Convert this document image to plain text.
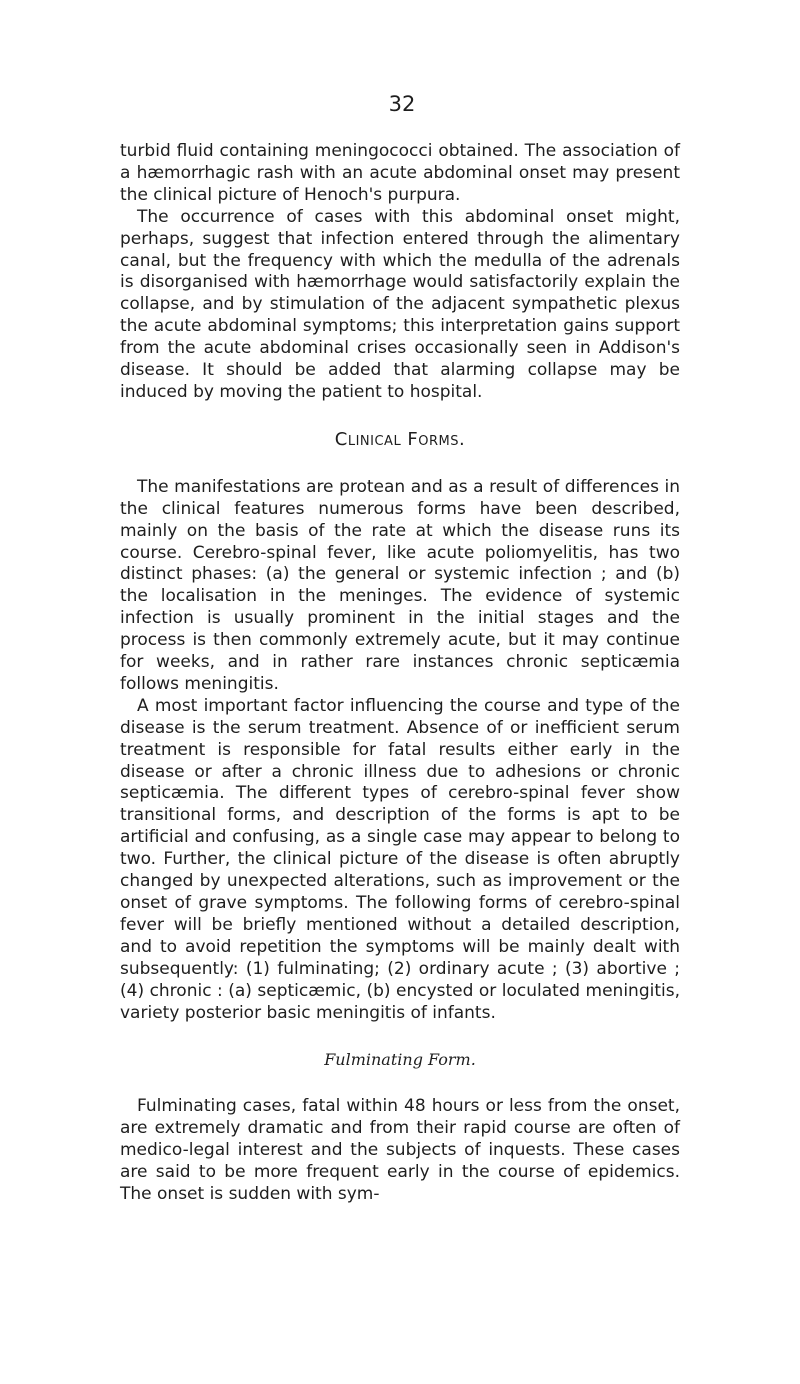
32

turbid fluid containing meningococci obtained. The association of a hæmorrhagic rash with an acute abdominal onset may present the clinical picture of Henoch's purpura.

The occurrence of cases with this abdominal onset might, perhaps, suggest that infection entered through the alimentary canal, but the frequency with which the medulla of the adrenals is disorganised with hæmorrhage would satisfactorily explain the collapse, and by stimulation of the adjacent sympathetic plexus the acute abdominal symptoms; this interpretation gains support from the acute abdominal crises occasionally seen in Addison's disease. It should be added that alarming collapse may be induced by moving the patient to hospital.

Clinical Forms.

The manifestations are protean and as a result of differences in the clinical features numerous forms have been described, mainly on the basis of the rate at which the disease runs its course. Cerebro-spinal fever, like acute poliomyelitis, has two distinct phases: (a) the general or systemic infection ; and (b) the localisation in the meninges. The evidence of systemic infection is usually prominent in the initial stages and the process is then commonly extremely acute, but it may continue for weeks, and in rather rare instances chronic septicæmia follows meningitis.

A most important factor influencing the course and type of the disease is the serum treatment. Absence of or inefficient serum treatment is responsible for fatal results either early in the disease or after a chronic illness due to adhesions or chronic septicæmia. The different types of cerebro-spinal fever show transitional forms, and description of the forms is apt to be artificial and confusing, as a single case may appear to belong to two. Further, the clinical picture of the disease is often abruptly changed by unexpected alterations, such as improvement or the onset of grave symptoms. The following forms of cerebro-spinal fever will be briefly mentioned without a detailed description, and to avoid repetition the symptoms will be mainly dealt with subsequently: (1) fulminating; (2) ordinary acute ; (3) abortive ; (4) chronic : (a) septicæmic, (b) encysted or loculated meningitis, variety posterior basic meningitis of infants.

Fulminating Form.

Fulminating cases, fatal within 48 hours or less from the onset, are extremely dramatic and from their rapid course are often of medico-legal interest and the subjects of inquests. These cases are said to be more frequent early in the course of epidemics. The onset is sudden with sym-
